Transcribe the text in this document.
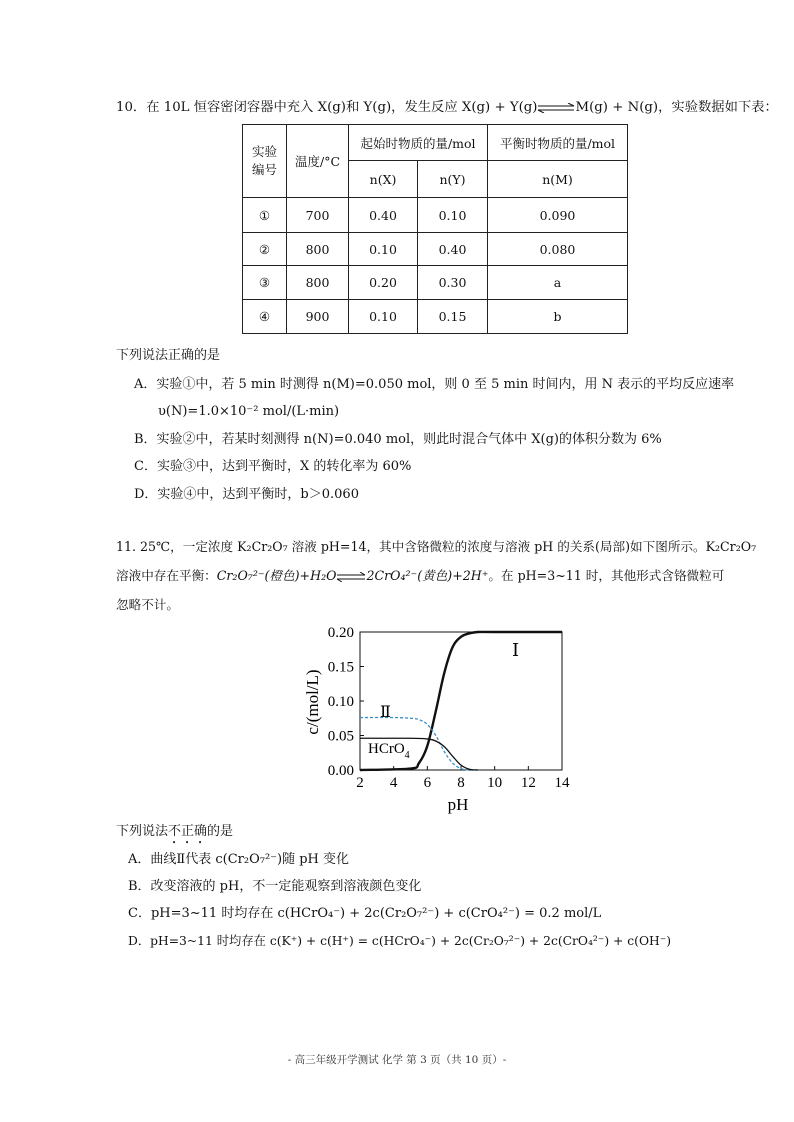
10．在 10L 恒容密闭容器中充入 X(g)和 Y(g)，发生反应 X(g) + Y(g)⇌M(g) + N(g)，实验数据如下表：
实验
编号	温度/°C	起始时物质的量/mol		平衡时物质的量/mol
		n(X)	n(Y)	n(M)
①	700	0.40	0.10	0.090
②	800	0.10	0.40	0.080
③	800	0.20	0.30	a
④	900	0.10	0.15	b
下列说法正确的是
A．实验①中，若 5 min 时测得 n(M)=0.050 mol，则 0 至 5 min 时间内，用 N 表示的平均反应速率
υ(N)=1.0×10⁻² mol/(L·min)
B．实验②中，若某时刻测得 n(N)=0.040 mol，则此时混合气体中 X(g)的体积分数为 6%
C．实验③中，达到平衡时，X 的转化率为 60%
D．实验④中，达到平衡时，b＞0.060
11. 25℃，一定浓度 K₂Cr₂O₇ 溶液 pH=14，其中含铬微粒的浓度与溶液 pH 的关系(局部)如下图所示。K₂Cr₂O₇
溶液中存在平衡：Cr₂O₇²⁻(橙色)+H₂O⇌2CrO₄²⁻(黄色)+2H⁺。在 pH=3~11 时，其他形式含铬微粒可
忽略不计。
2 4 6 8 10 12 14
0.00
0.05
0.10
0.15
0.20
Ⅰ
Ⅱ
HCrO$_4$
pH
c/(mol/L)
下列说法不正确的是
A．曲线Ⅱ代表 c(Cr₂O₇²⁻)随 pH 变化
B．改变溶液的 pH，不一定能观察到溶液颜色变化
C．pH=3~11 时均存在 c(HCrO₄⁻) + 2c(Cr₂O₇²⁻) + c(CrO₄²⁻) = 0.2 mol/L
D．pH=3~11 时均存在 c(K⁺) + c(H⁺) = c(HCrO₄⁻) + 2c(Cr₂O₇²⁻) + 2c(CrO₄²⁻) + c(OH⁻)
- 高三年级开学测试 化学 第 3 页（共 10 页）-
